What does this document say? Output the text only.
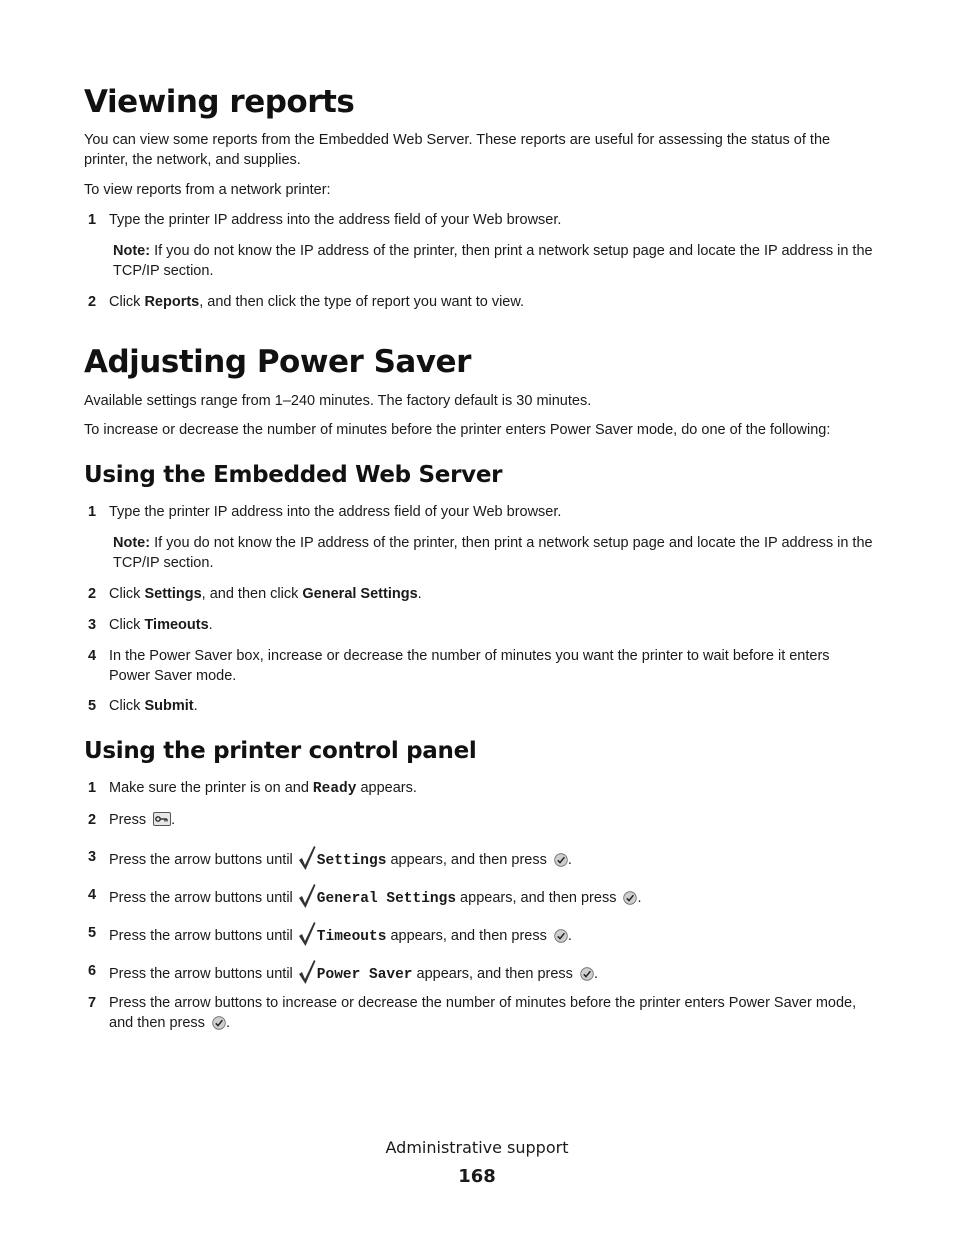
Viewing reports

You can view some reports from the Embedded Web Server. These reports are useful for assessing the status of the printer, the network, and supplies.

To view reports from a network printer:

1 Type the printer IP address into the address field of your Web browser.
Note: If you do not know the IP address of the printer, then print a network setup page and locate the IP address in the TCP/IP section.
2 Click Reports, and then click the type of report you want to view.
Adjusting Power Saver

Available settings range from 1–240 minutes. The factory default is 30 minutes.

To increase or decrease the number of minutes before the printer enters Power Saver mode, do one of the following:

Using the Embedded Web Server
1 Type the printer IP address into the address field of your Web browser.
Note: If you do not know the IP address of the printer, then print a network setup page and locate the IP address in the TCP/IP section.
2 Click Settings, and then click General Settings.
3 Click Timeouts.
4 In the Power Saver box, increase or decrease the number of minutes you want the printer to wait before it enters Power Saver mode.
5 Click Submit.
Using the printer control panel
1 Make sure the printer is on and Ready appears.
2 Press .
3 Press the arrow buttons until Settings appears, and then press .
4 Press the arrow buttons until General Settings appears, and then press .
5 Press the arrow buttons until Timeouts appears, and then press .
6 Press the arrow buttons until Power Saver appears, and then press .
7 Press the arrow buttons to increase or decrease the number of minutes before the printer enters Power Saver mode, and then press .
Administrative support
168
